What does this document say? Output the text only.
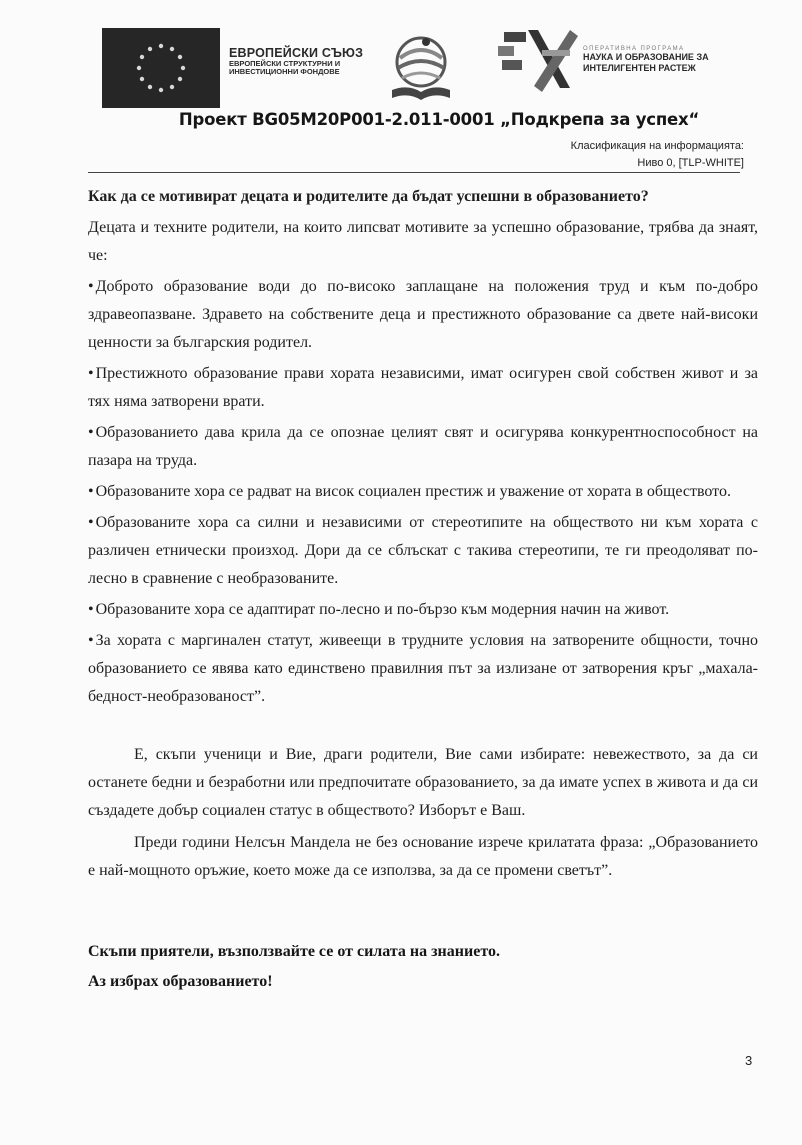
ЕВРОПЕЙСКИ СЪЮЗ
ЕВРОПЕЙСКИ СТРУКТУРНИ И ИНВЕСТИЦИОННИ ФОНДОВЕ
ОПЕРАТИВНА ПРОГРАМА
НАУКА И ОБРАЗОВАНИЕ ЗА ИНТЕЛИГЕНТЕН РАСТЕЖ
Проект BG05M20P001-2.011-0001 „Подкрепа за успех“
Класификация на информацията:
Ниво 0, [TLP-WHITE]

Как да се мотивират децата и родителите да бъдат успешни в образованието?

Децата и техните родители, на които липсват мотивите за успешно образование, трябва да знаят, че:

• Доброто образование води до по-високо заплащане на положения труд и към по-добро здравеопазване. Здравето на собствените деца и престижното образование са двете най-високи ценности за българския родител.

• Престижното образование прави хората независими, имат осигурен свой собствен живот и за тях няма затворени врати.

• Образованието дава крила да се опознае целият свят и осигурява конкурентноспособност на пазара на труда.

• Образованите хора се радват на висок социален престиж и уважение от хората в обществото.

• Образованите хора са силни и независими от стереотипите на обществото ни към хората с различен етнически произход. Дори да се сблъскат с такива стереотипи, те ги преодоляват по-лесно в сравнение с необразованите.

• Образованите хора се адаптират по-лесно и по-бързо към модерния начин на живот.

• За хората с маргинален статут, живеещи в трудните условия на затворените общности, точно образованието се явява като единствено правилния път за излизане от затворения кръг „махала-бедност-необразованост”.

Е, скъпи ученици и Вие, драги родители, Вие сами избирате: невежеството, за да си останете бедни и безработни или предпочитате образованието, за да имате успех в живота и да си създадете добър социален статус в обществото? Изборът е Ваш.

Преди години Нелсън Мандела не без основание изрече крилатата фраза: „Образованието е най-мощното оръжие, което може да се използва, за да се промени светът”.

Скъпи приятели, възползвайте се от силата на знанието.
Аз избрах образованието!
3
